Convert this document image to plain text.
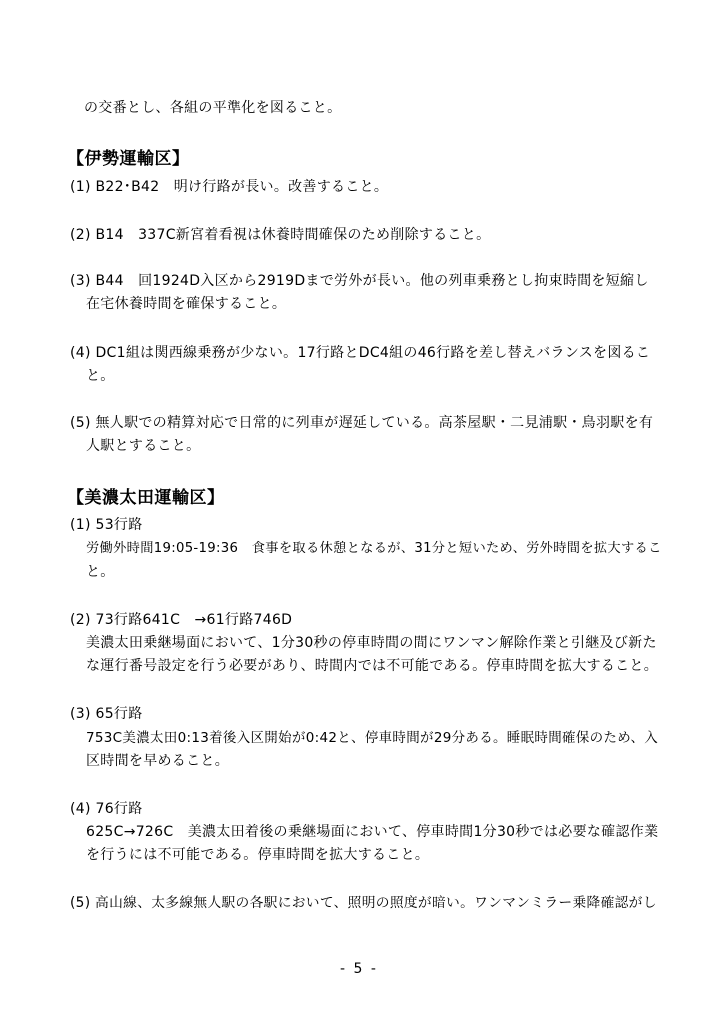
の交番とし、各組の平準化を図ること。
【伊勢運輸区】
(1) B22･B42　明け行路が長い。改善すること。
(2) B14　337C新宮着看視は休養時間確保のため削除すること。
(3) B44　回1924D入区から2919Dまで労外が長い。他の列車乗務とし拘束時間を短縮し
在宅休養時間を確保すること。
(4) DC1組は関西線乗務が少ない。17行路とDC4組の46行路を差し替えバランスを図るこ
と。
(5) 無人駅での精算対応で日常的に列車が遅延している。高茶屋駅・二見浦駅・鳥羽駅を有
人駅とすること。
【美濃太田運輸区】
(1) 53行路
労働外時間19:05-19:36　食事を取る休憩となるが、31分と短いため、労外時間を拡大するこ
と。
(2) 73行路641C　→61行路746D
美濃太田乗継場面において、1分30秒の停車時間の間にワンマン解除作業と引継及び新た
な運行番号設定を行う必要があり、時間内では不可能である。停車時間を拡大すること。
(3) 65行路
753C美濃太田0:13着後入区開始が0:42と、停車時間が29分ある。睡眠時間確保のため、入
区時間を早めること。
(4) 76行路
625C→726C　美濃太田着後の乗継場面において、停車時間1分30秒では必要な確認作業
を行うには不可能である。停車時間を拡大すること。
(5) 高山線、太多線無人駅の各駅において、照明の照度が暗い。ワンマンミラー乗降確認がし
- 5 -
